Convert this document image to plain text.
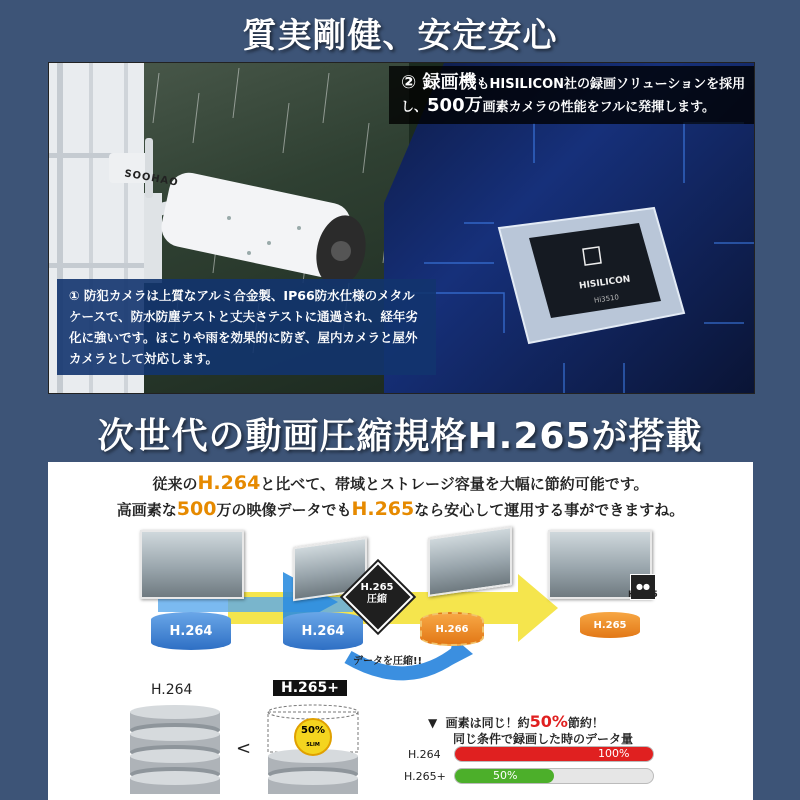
質実剛健、安定安心
SOOHAO
HISILICON
Hi3510
② 録画機もHISILICON社の録画ソリューションを採用し、500万画素カメラの性能をフルに発揮します。
① 防犯カメラは上質なアルミ合金製、IP66防水仕様のメタルケースで、防水防塵テストと丈夫さテストに通過され、経年劣化に強いです。ほこりや雨を効果的に防ぎ、屋内カメラと屋外カメラとして対応します。
次世代の動画圧縮規格H.265が搭載
従来のH.264と比べて、帯域とストレージ容量を大幅に節約可能です。
高画素な500万の映像データでもH.265なら安心して運用する事ができますね。
H.264	H.264	H.266	H.265
H.265
圧縮
データを圧縮!!
●●
H.265
H.264	H.265+
<
50%
SLIM
▼ 画素は同じ！約50%節約！
同じ条件で録画した時のデータ量
H.264	100%
H.265+	50%
